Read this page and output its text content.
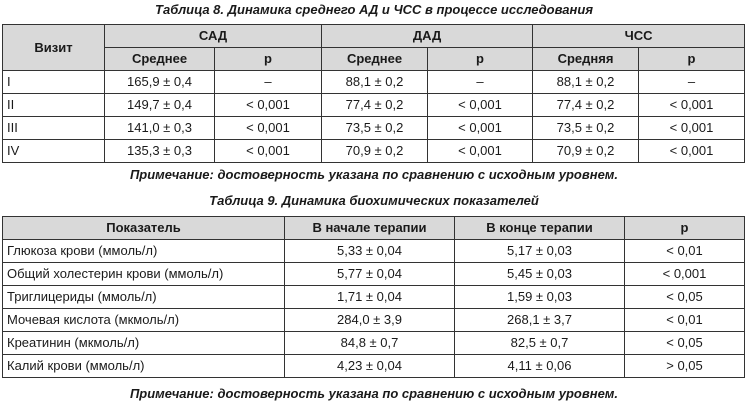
Таблица 8. Динамика среднего АД и ЧСС в процессе исследования
Визит	САД		ДАД		ЧСС	
	Среднее	p	Среднее	p	Средняя	p
I	165,9 ± 0,4	–	88,1 ± 0,2	–	88,1 ± 0,2	–
II	149,7 ± 0,4	< 0,001	77,4 ± 0,2	< 0,001	77,4 ± 0,2	< 0,001
III	141,0 ± 0,3	< 0,001	73,5 ± 0,2	< 0,001	73,5 ± 0,2	< 0,001
IV	135,3 ± 0,3	< 0,001	70,9 ± 0,2	< 0,001	70,9 ± 0,2	< 0,001
Примечание: достоверность указана по сравнению с исходным уровнем.
Таблица 9. Динамика биохимических показателей
Показатель	В начале терапии	В конце терапии	p
Глюкоза крови (ммоль/л)	5,33 ± 0,04	5,17 ± 0,03	< 0,01
Общий холестерин крови (ммоль/л)	5,77 ± 0,04	5,45 ± 0,03	< 0,001
Триглицериды (ммоль/л)	1,71 ± 0,04	1,59 ± 0,03	< 0,05
Мочевая кислота (мкмоль/л)	284,0 ± 3,9	268,1 ± 3,7	< 0,01
Креатинин (мкмоль/л)	84,8 ± 0,7	82,5 ± 0,7	< 0,05
Калий крови (ммоль/л)	4,23 ± 0,04	4,11 ± 0,06	> 0,05
Примечание: достоверность указана по сравнению с исходным уровнем.
